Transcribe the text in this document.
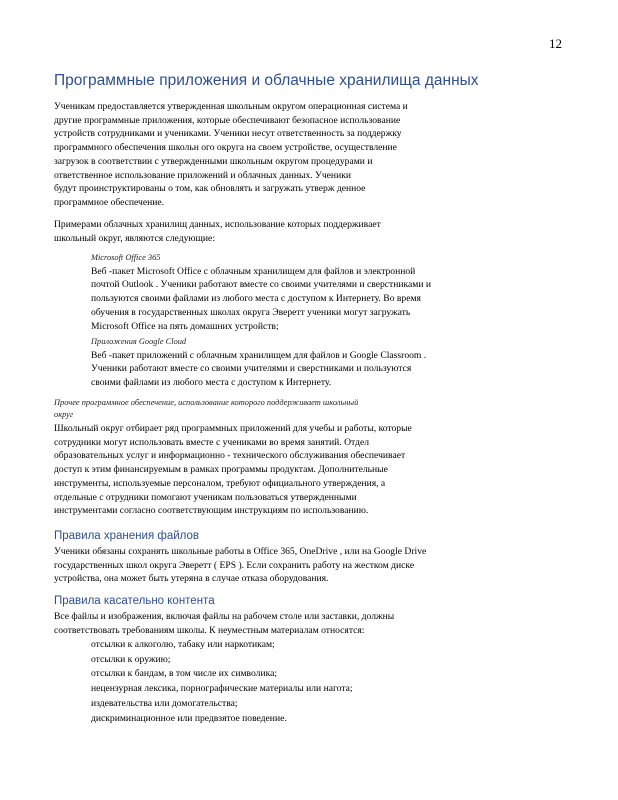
12
Программные приложения и облачные хранилища данных

Ученикам предоставляется утвержденная школьным округом операционная система и

другие программные приложения, которые обеспечивают безопасное использование

устройств сотрудниками и учениками. Ученики несут ответственность за поддержку

программного обеспечения школьн ого округа на своем устройстве, осуществление

загрузок в соответствии с утвержденными школьным округом процедурами и

ответственное использование приложений и облачных данных. Ученики

будут проинструктированы о том, как обновлять и загружать утверж денное

программное обеспечение.

Примерами облачных хранилищ данных, использование которых поддерживает

школьный округ, являются следующие:

Microsoft Office 365

Веб -пакет Microsoft Office с облачным хранилищем для файлов и электронной

почтой Outlook . Ученики работают вместе со своими учителями и сверстниками и

пользуются своими файлами из любого места с доступом к Интернету. Во время

обучения в государственных школах округа Эверетт ученики могут загружать

Microsoft Office на пять домашних устройств;

Приложения Google Cloud

Веб -пакет приложений с облачным хранилищем для файлов и Google Classroom .

Ученики работают вместе со своими учителями и сверстниками и пользуются

своими файлами из любого места с доступом к Интернету.

Прочее программное обеспечение, использование которого поддерживает школьный

округ

Школьный округ отбирает ряд программных приложений для учебы и работы, которые

сотрудники могут использовать вместе с учениками во время занятий. Отдел

образовательных услуг и информационно - технического обслуживания обеспечивает

доступ к этим финансируемым в рамках программы продуктам. Дополнительные

инструменты, используемые персоналом, требуют официального утверждения, а

отдельные с отрудники помогают ученикам пользоваться утвержденными

инструментами согласно соответствующим инструкциям по использованию.

Правила хранения файлов

Ученики обязаны сохранять школьные работы в Office 365, OneDrive , или на Google Drive

государственных школ округа Эверетт ( EPS ). Если сохранить работу на жестком диске

устройства, она может быть утеряна в случае отказа оборудования.

Правила касательно контента

Все файлы и изображения, включая файлы на рабочем столе или заставки, должны

соответствовать требованиям школы. К неуместным материалам относятся:

отсылки к алкоголю, табаку или наркотикам;
отсылки к оружию;
отсылки к бандам, в том числе их символика;
нецензурная лексика, порнографические материалы или нагота;
издевательства или домогательства;
дискриминационное или предвзятое поведение.
